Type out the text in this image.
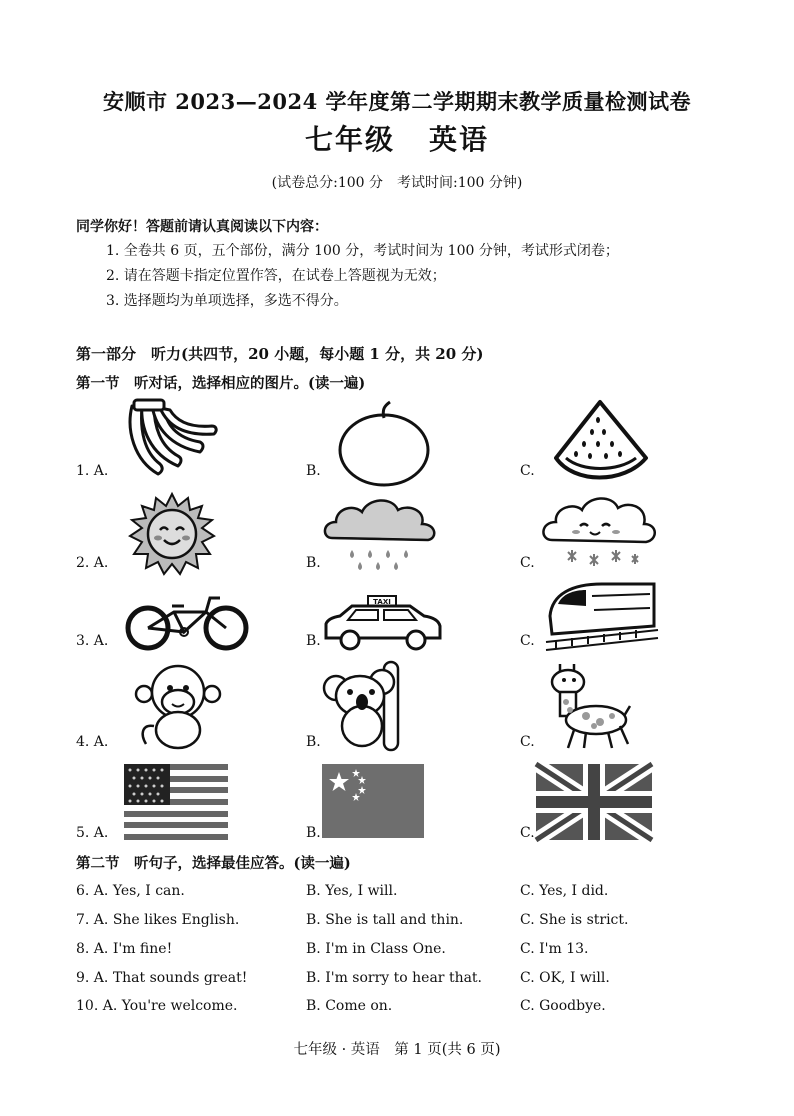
安顺市 2023—2024 学年度第二学期期末教学质量检测试卷
七年级 英语
(试卷总分:100 分　考试时间:100 分钟)
同学你好！答题前请认真阅读以下内容：
1. 全卷共 6 页，五个部份，满分 100 分，考试时间为 100 分钟，考试形式闭卷；
2. 请在答题卡指定位置作答，在试卷上答题视为无效；
3. 选择题均为单项选择，多选不得分。
第一部分　听力(共四节，20 小题，每小题 1 分，共 20 分)
第一节　听对话，选择相应的图片。(读一遍)
1. A.	B.	C.
2. A.	B.	C.
3. A.	B.	C.
4. A.	B.	C.
5. A.	B.	C.
TAXI
第二节　听句子，选择最佳应答。(读一遍)
6. A. Yes, I can.	B. Yes, I will.	C. Yes, I did.
7. A. She likes English.	B. She is tall and thin.	C. She is strict.
8. A. I'm fine!	B. I'm in Class One.	C. I'm 13.
9. A. That sounds great!	B. I'm sorry to hear that.	C. OK, I will.
10. A. You're welcome.	B. Come on.	C. Goodbye.
七年级 · 英语　第 1 页(共 6 页)
